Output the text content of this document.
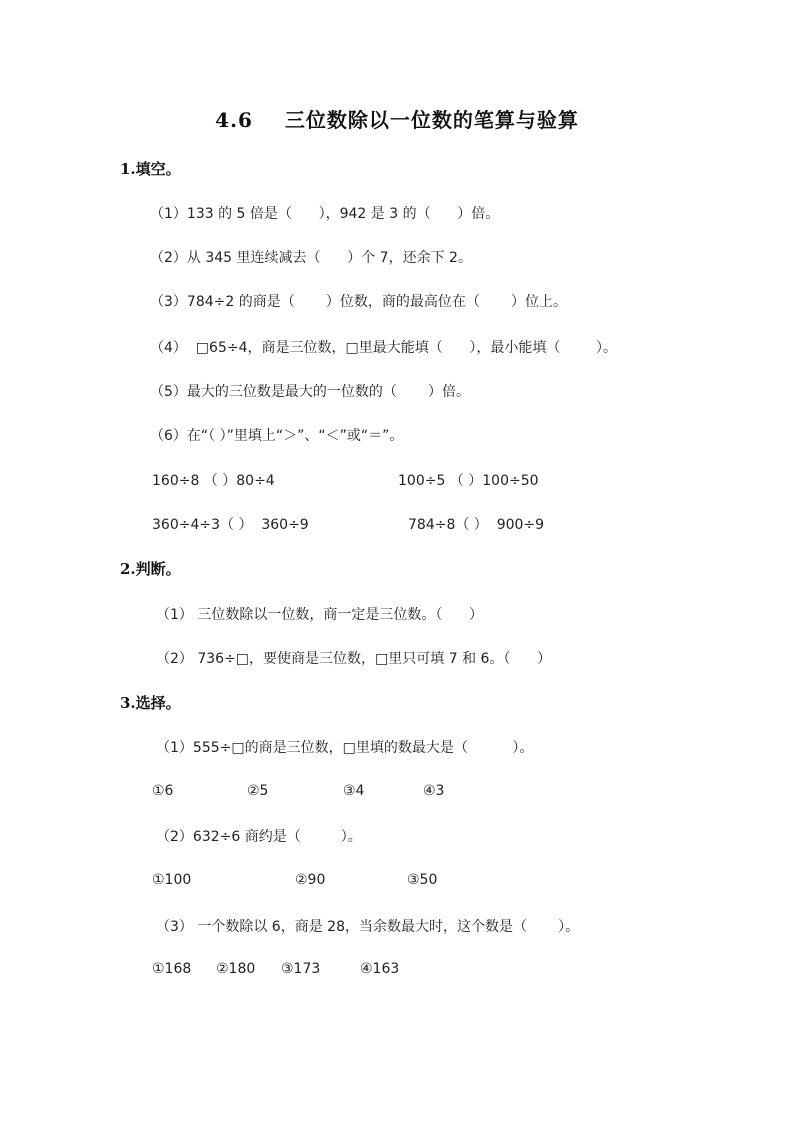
4.6    三位数除以一位数的笔算与验算
1.填空。
（1）133 的 5 倍是（      ），942 是 3 的（      ）倍。
（2）从 345 里连续减去（      ）个 7，还余下 2。
（3）784÷2 的商是（       ）位数，商的最高位在（       ）位上。
（4）  □65÷4，商是三位数，□里最大能填（      ），最小能填（        ）。
（5）最大的三位数是最大的一位数的（       ）倍。
（6）在“（ ）”里填上“＞”、“＜”或“＝”。
160÷8 （ ）80÷4	100÷5 （ ）100÷50
360÷4÷3（ ）  360÷9	784÷8（ ）  900÷9
2.判断。
（1） 三位数除以一位数，商一定是三位数。（      ）
（2） 736÷□，要使商是三位数，□里只可填 7 和 6。（      ）
3.选择。
（1）555÷□的商是三位数，□里填的数最大是（          ）。
①6	②5	③4	④3
（2）632÷6 商约是（         ）。
①100	②90	③50
（3） 一个数除以 6，商是 28，当余数最大时，这个数是（       ）。
①168 ②180 ③173	④163
